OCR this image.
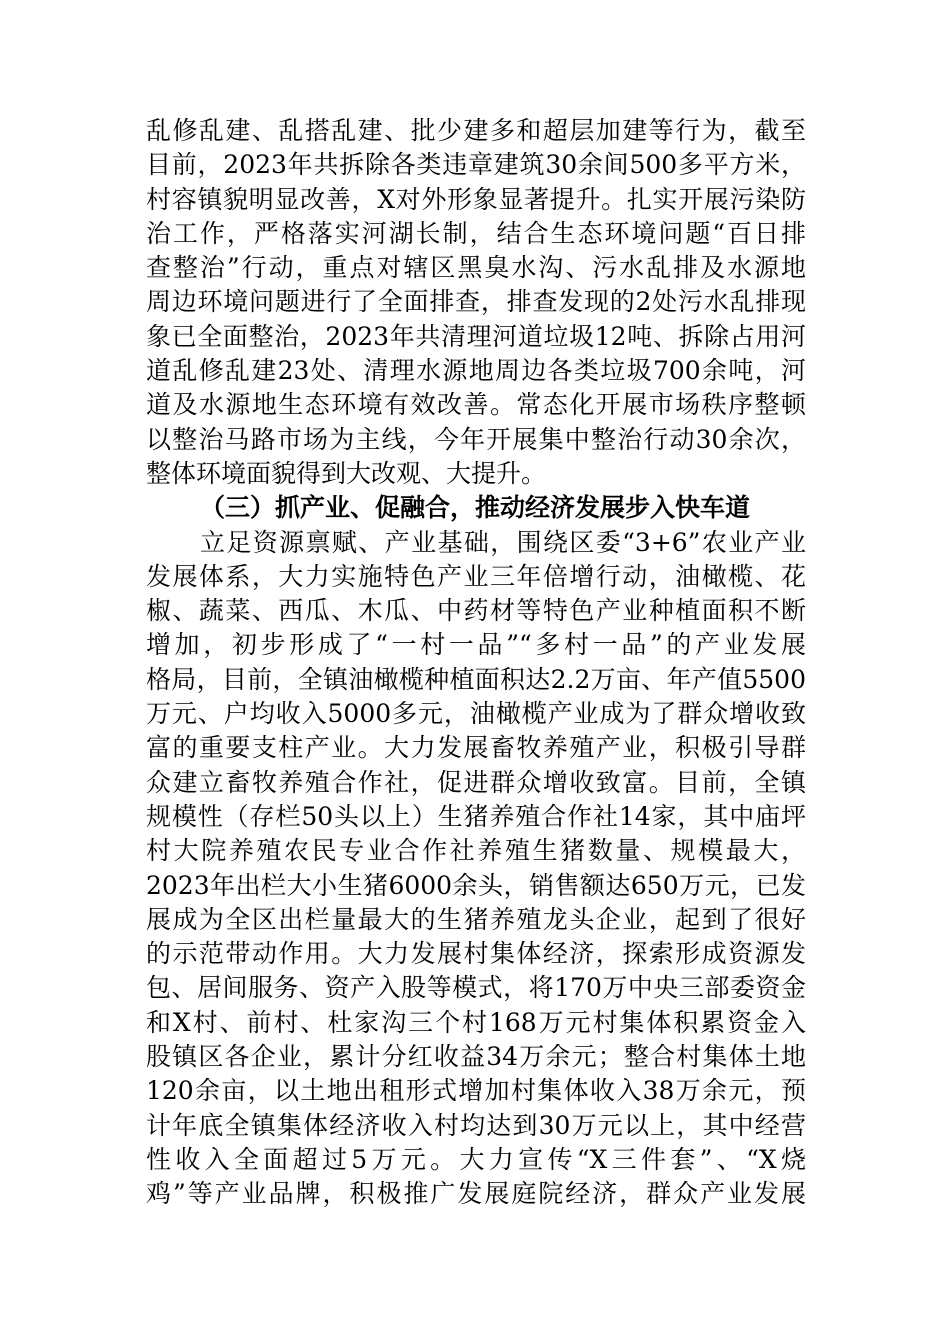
乱修乱建、乱搭乱建、批少建多和超层加建等行为，截至
目前，2023年共拆除各类违章建筑30余间500多平方米，
村容镇貌明显改善，X对外形象显著提升。扎实开展污染防
治工作，严格落实河湖长制，结合生态环境问题“百日排
查整治”行动，重点对辖区黑臭水沟、污水乱排及水源地
周边环境问题进行了全面排查，排查发现的2处污水乱排现
象已全面整治，2023年共清理河道垃圾12吨、拆除占用河
道乱修乱建23处、清理水源地周边各类垃圾700余吨，河
道及水源地生态环境有效改善。常态化开展市场秩序整顿
以整治马路市场为主线，今年开展集中整治行动30余次，
整体环境面貌得到大改观、大提升。
（三）抓产业、促融合，推动经济发展步入快车道
立足资源禀赋、产业基础，围绕区委“3+6”农业产业
发展体系，大力实施特色产业三年倍增行动，油橄榄、花
椒、蔬菜、西瓜、木瓜、中药材等特色产业种植面积不断
增加，初步形成了“一村一品”“多村一品”的产业发展
格局，目前，全镇油橄榄种植面积达2.2万亩、年产值5500
万元、户均收入5000多元，油橄榄产业成为了群众增收致
富的重要支柱产业。大力发展畜牧养殖产业，积极引导群
众建立畜牧养殖合作社，促进群众增收致富。目前，全镇
规模性（存栏50头以上）生猪养殖合作社14家，其中庙坪
村大院养殖农民专业合作社养殖生猪数量、规模最大，
2023年出栏大小生猪6000余头，销售额达650万元，已发
展成为全区出栏量最大的生猪养殖龙头企业，起到了很好
的示范带动作用。大力发展村集体经济，探索形成资源发
包、居间服务、资产入股等模式，将170万中央三部委资金
和X村、前村、杜家沟三个村168万元村集体积累资金入
股镇区各企业，累计分红收益34万余元；整合村集体土地
120余亩，以土地出租形式增加村集体收入38万余元，预
计年底全镇集体经济收入村均达到30万元以上，其中经营
性收入全面超过5万元。大力宣传“X三件套”、“X烧
鸡”等产业品牌，积极推广发展庭院经济，群众产业发展
